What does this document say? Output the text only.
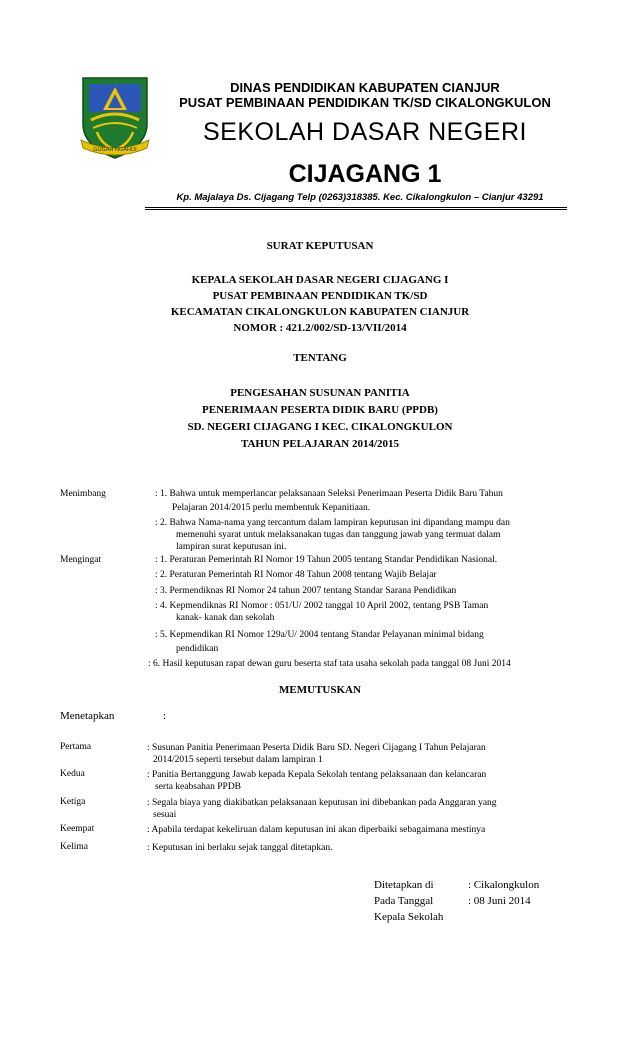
GUGAH NGAHIJI
DINAS PENDIDIKAN KABUPATEN CIANJUR
PUSAT PEMBINAAN PENDIDIKAN TK/SD CIKALONGKULON
SEKOLAH DASAR NEGERI
CIJAGANG 1
Kp. Majalaya Ds. Cijagang Telp (0263)318385. Kec. Cikalongkulon – Cianjur 43291
SURAT KEPUTUSAN
KEPALA SEKOLAH DASAR NEGERI CIJAGANG I
PUSAT PEMBINAAN PENDIDIKAN TK/SD
KECAMATAN CIKALONGKULON KABUPATEN CIANJUR
NOMOR : 421.2/002/SD-13/VII/2014
TENTANG
PENGESAHAN SUSUNAN PANITIA
PENERIMAAN PESERTA DIDIK BARU (PPDB)
SD. NEGERI CIJAGANG I KEC. CIKALONGKULON
TAHUN PELAJARAN 2014/2015
Menimbang	: 1. Bahwa untuk memperlancar pelaksanaan Seleksi Penerimaan Peserta Didik Baru Tahun
Pelajaran 2014/2015 perlu membentuk Kepanitiaan.
: 2. Bahwa Nama-nama yang tercantum dalam lampiran keputusan ini dipandang mampu dan
memenuhi syarat untuk melaksanakan tugas dan tanggung jawab yang termuat dalam
lampiran surat keputusan ini.
Mengingat	: 1. Peraturan Pemerintah RI Nomor 19 Tahun 2005 tentang Standar Pendidikan Nasional.
: 2. Peraturan Pemerintah RI Nomor 48 Tahun 2008 tentang Wajib Belajar
: 3. Permendiknas RI Nomor 24 tahun 2007 tentang Standar Sarana Pendidikan
: 4. Kepmendiknas RI Nomor : 051/U/ 2002 tanggal 10 April 2002, tentang PSB Taman
kanak- kanak dan sekolah
: 5. Kepmendikan RI Nomor 129a/U/ 2004 tentang Standar Pelayanan minimal bidang
pendidikan
: 6. Hasil keputusan rapat dewan guru beserta staf tata usaha sekolah pada tanggal 08 Juni 2014
MEMUTUSKAN
Menetapkan	:
Pertama	: Susunan Panitia Penerimaan Peserta Didik Baru SD. Negeri Cijagang I Tahun Pelajaran
2014/2015 seperti tersebut dalam lampiran 1
Kedua	: Panitia Bertanggung Jawab kepada Kepala Sekolah tentang pelaksanaan dan kelancaran
serta keabsahan PPDB
Ketiga	: Segala biaya yang diakibatkan pelaksanaan keputusan ini dibebankan pada Anggaran yang
sesuai
Keempat	: Apabila terdapat kekeliruan dalam keputusan ini akan diperbaiki sebagaimana mestinya
Kelima	: Keputusan ini berlaku sejak tanggal ditetapkan.
Ditetapkan di	: Cikalongkulon
Pada Tanggal	: 08 Juni 2014
Kepala Sekolah
